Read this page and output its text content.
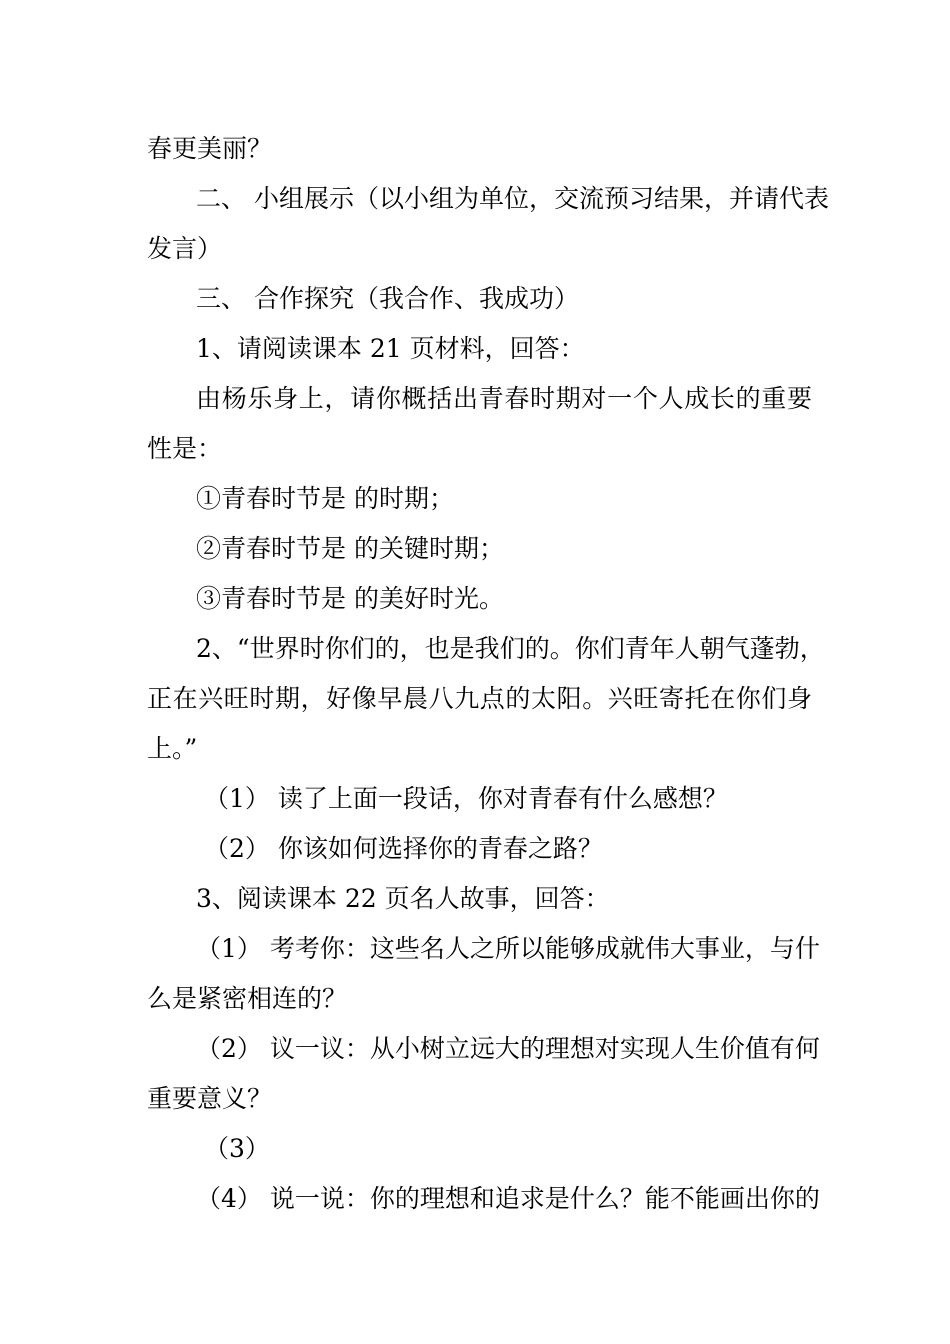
春更美丽？
二、 小组展示（以小组为单位，交流预习结果，并请代表
发言）
三、 合作探究（我合作、我成功）
1、请阅读课本 21 页材料，回答：
由杨乐身上，请你概括出青春时期对一个人成长的重要
性是：
①青春时节是 的时期；
②青春时节是 的关键时期；
③青春时节是 的美好时光。
2、“世界时你们的，也是我们的。你们青年人朝气蓬勃，
正在兴旺时期，好像早晨八九点的太阳。兴旺寄托在你们身
上。”
（1） 读了上面一段话，你对青春有什么感想？
（2） 你该如何选择你的青春之路？
3、阅读课本 22 页名人故事，回答：
（1） 考考你：这些名人之所以能够成就伟大事业，与什
么是紧密相连的？
（2） 议一议：从小树立远大的理想对实现人生价值有何
重要意义？
（3）
（4） 说一说：你的理想和追求是什么？能不能画出你的
